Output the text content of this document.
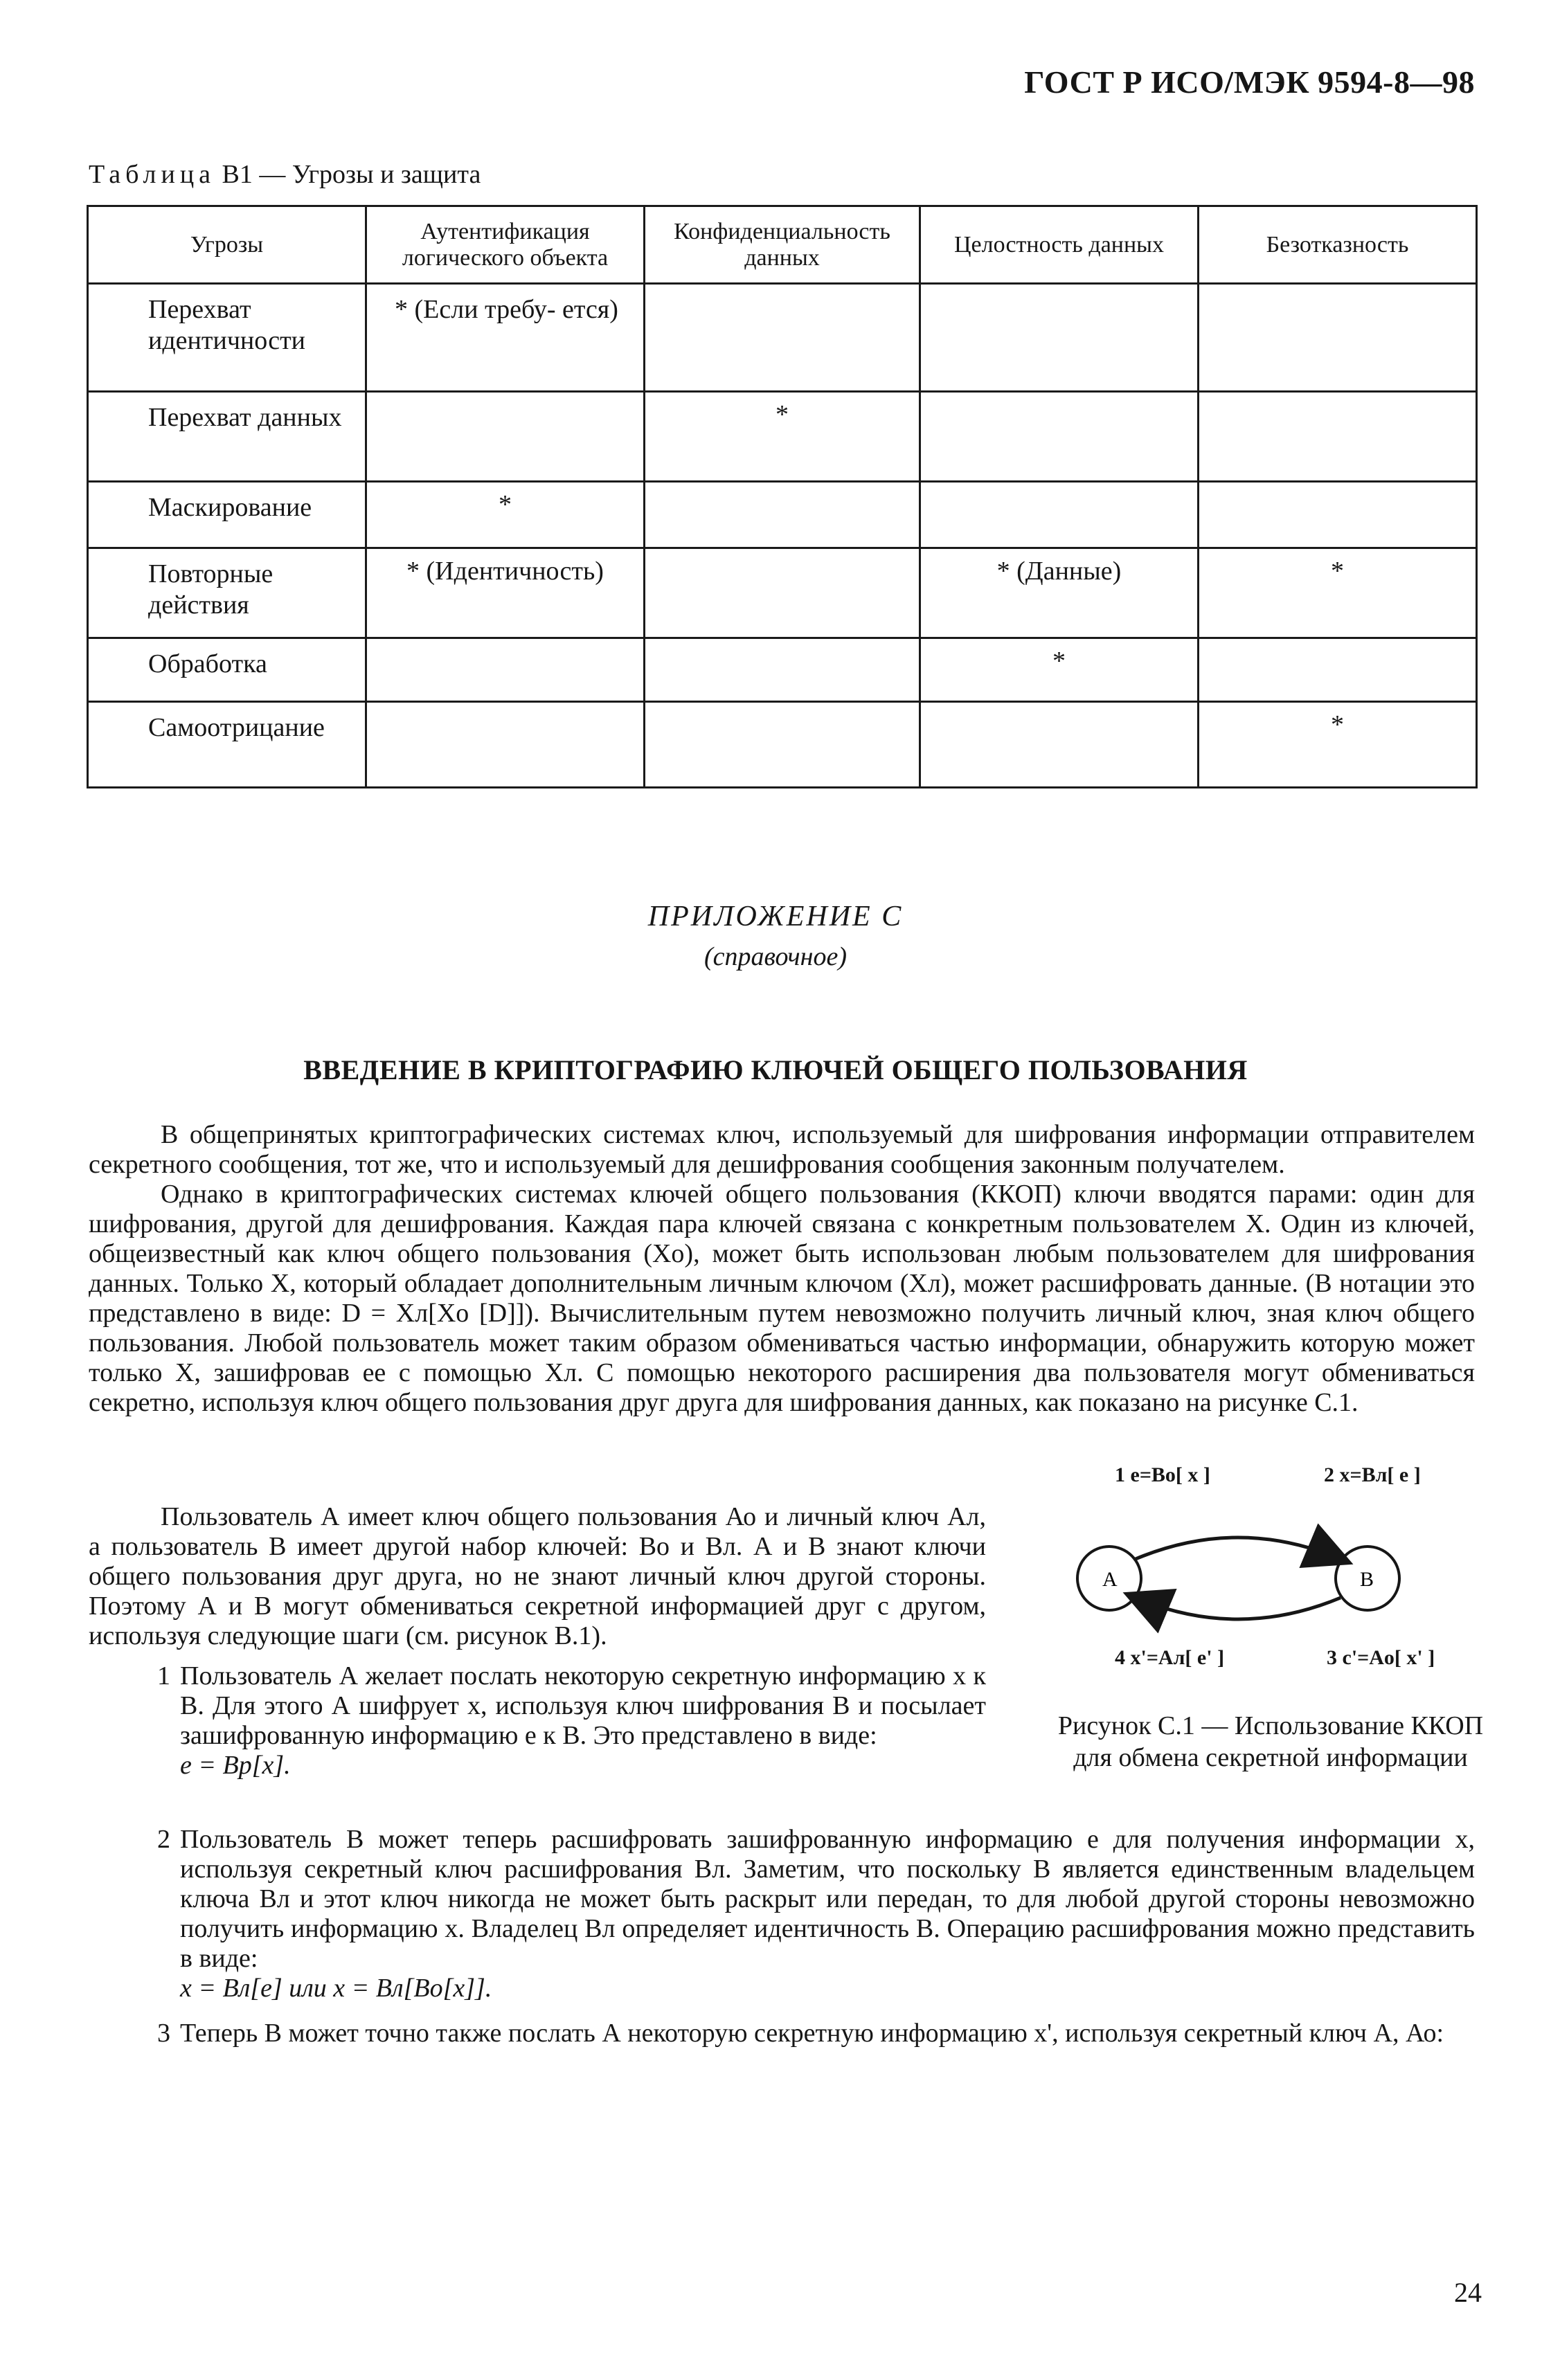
ГОСТ Р ИСО/МЭК 9594-8—98
Таблица B1 — Угрозы и защита
Угрозы	Аутентификация логического объекта	Конфиденциальность данных	Целостность данных	Безотказность
Перехват идентичности	* (Если требу- ется)			
Перехват данных		*		
Маскирование	*			
Повторные действия	* (Идентичность)		* (Данные)	*
Обработка			*	
Самоотрицание				*
ПРИЛОЖЕНИЕ С
(справочное)
ВВЕДЕНИЕ В КРИПТОГРАФИЮ КЛЮЧЕЙ ОБЩЕГО ПОЛЬЗОВАНИЯ

В общепринятых криптографических системах ключ, используемый для шифрования информации отправителем секретного сообщения, тот же, что и используемый для дешифрования сообщения законным получателем.

Однако в криптографических системах ключей общего пользования (ККОП) ключи вводятся парами: один для шифрования, другой для дешифрования. Каждая пара ключей связана с конкретным пользователем X. Один из ключей, общеизвестный как ключ общего пользования (Xо), может быть использован любым пользователем для шифрования данных. Только X, который обладает дополнительным личным ключом (Xл), может расшифровать данные. (В нотации это представлено в виде: D = Xл[Xо [D]]). Вычислительным путем невозможно получить личный ключ, зная ключ общего пользования. Любой пользователь может таким образом обмениваться частью информации, обнаружить которую может только X, зашифровав ее с помощью Xл. С помощью некоторого расширения два пользователя могут обмениваться секретно, используя ключ общего пользования друг друга для шифрования данных, как показано на рисунке С.1.

Пользователь А имеет ключ общего пользования Ао и личный ключ Ал, а пользователь В имеет другой набор ключей: Во и Вл. А и В знают ключи общего пользования друг друга, но не знают личный ключ другой стороны. Поэтому А и В могут обмениваться секретной информацией друг с другом, используя следующие шаги (см. рисунок В.1).

1 Пользователь А желает послать некоторую секретную информацию x к В. Для этого А шифрует x, используя ключ шифрования В и посылает зашифрованную информацию e к В. Это представлено в виде:
e = Bp[x].
2 Пользователь В может теперь расшифровать зашифрованную информацию e для получения информации x, используя секретный ключ расшифрования Вл. Заметим, что поскольку В является единственным владельцем ключа Вл и этот ключ никогда не может быть раскрыт или передан, то для любой другой стороны невозможно получить информацию x. Владелец Вл определяет идентичность В. Операцию расшифрования можно представить в виде:
x = Bл[e] или x = Bл[Bо[x]].
3 Теперь В может точно также послать А некоторую секретную информацию x', используя секретный ключ А, Ао:
A	B
1 e=Bо[ x ]	2 x=Bл[ e ]
4 x'=Aл[ e' ]	3 c'=Aо[ x' ]
Рисунок С.1 — Использование ККОП для обмена секретной информации
24
